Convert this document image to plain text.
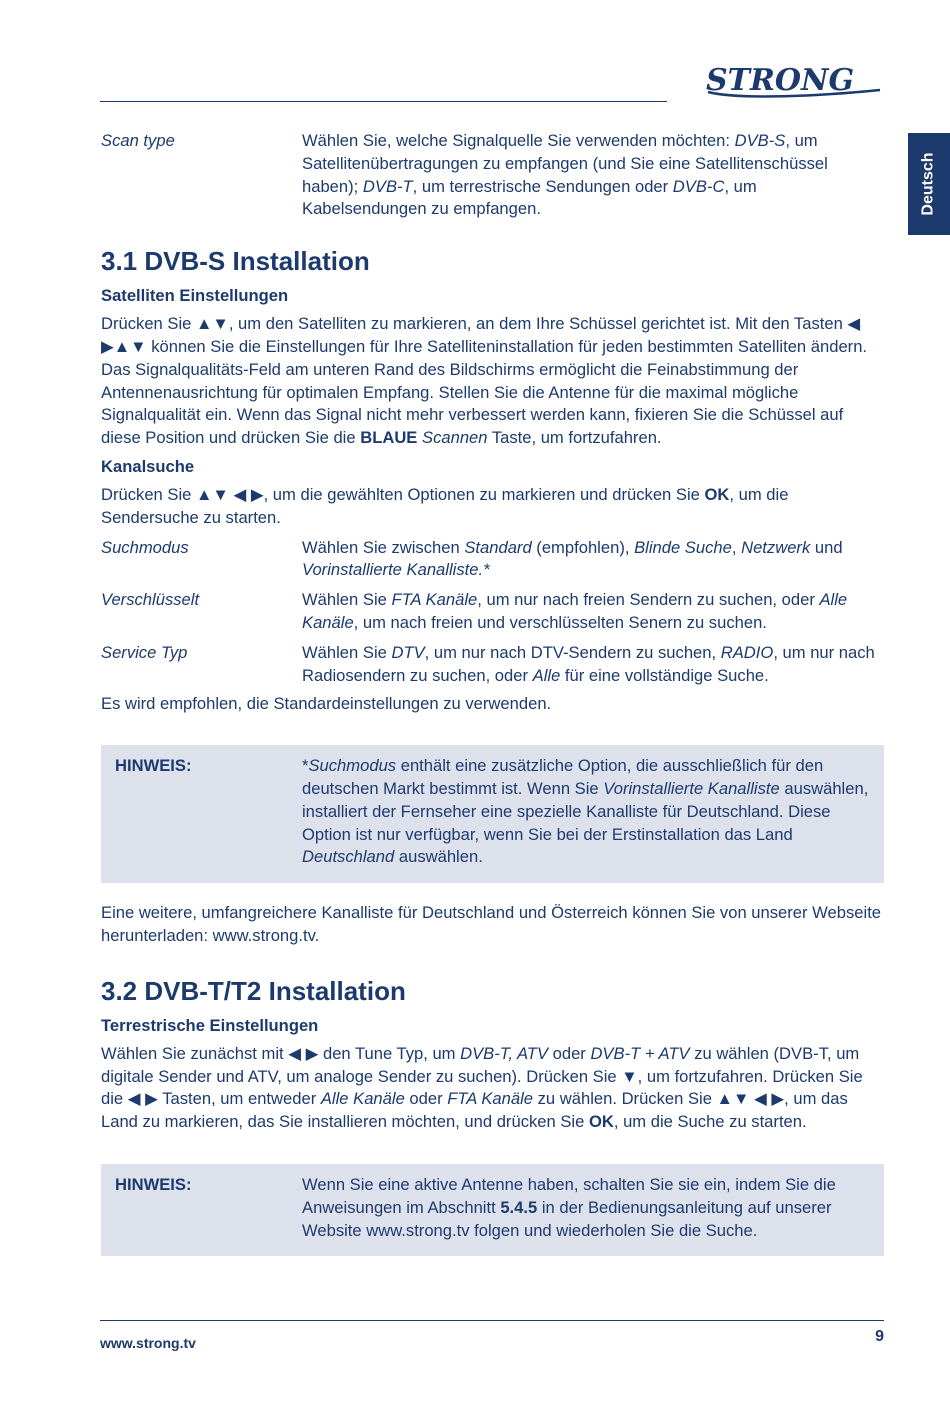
STRONG
Deutsch
Scan type	Wählen Sie, welche Signalquelle Sie verwenden möchten: DVB-S, um Satellitenübertragungen zu empfangen (und Sie eine Satellitenschüssel haben); DVB-T, um terrestrische Sendungen oder DVB-C, um Kabelsendungen zu empfangen.
3.1 DVB-S Installation
Satelliten Einstellungen

Drücken Sie ▲▼, um den Satelliten zu markieren, an dem Ihre Schüssel gerichtet ist. Mit den Tasten ◀ ▶▲▼ können Sie die Einstellungen für Ihre Satelliteninstallation für jeden bestimmten Satelliten ändern. Das Signalqualitäts-Feld am unteren Rand des Bildschirms ermöglicht die Feinabstimmung der Antennenausrichtung für optimalen Empfang. Stellen Sie die Antenne für die maximal mögliche Signalqualität ein. Wenn das Signal nicht mehr verbessert werden kann, fixieren Sie die Schüssel auf diese Position und drücken Sie die BLAUE Scannen Taste, um fortzufahren.

Kanalsuche

Drücken Sie ▲▼ ◀ ▶, um die gewählten Optionen zu markieren und drücken Sie OK, um die Sendersuche zu starten.

Suchmodus	Wählen Sie zwischen Standard (empfohlen), Blinde Suche, Netzwerk und Vorinstallierte Kanalliste.*
Verschlüsselt	Wählen Sie FTA Kanäle, um nur nach freien Sendern zu suchen, oder Alle Kanäle, um nach freien und verschlüsselten Senern zu suchen.
Service Typ	Wählen Sie DTV, um nur nach DTV-Sendern zu suchen, RADIO, um nur nach Radiosendern zu suchen, oder Alle für eine vollständige Suche.

Es wird empfohlen, die Standardeinstellungen zu verwenden.

HINWEIS:	*Suchmodus enthält eine zusätzliche Option, die ausschließlich für den deutschen Markt bestimmt ist. Wenn Sie Vorinstallierte Kanalliste auswählen, installiert der Fernseher eine spezielle Kanalliste für Deutschland. Diese Option ist nur verfügbar, wenn Sie bei der Erstinstallation das Land Deutschland auswählen.

Eine weitere, umfangreichere Kanalliste für Deutschland und Österreich können Sie von unserer Webseite herunterladen: www.strong.tv.

3.2 DVB-T/T2 Installation
Terrestrische Einstellungen

Wählen Sie zunächst mit ◀ ▶ den Tune Typ, um DVB-T, ATV oder DVB-T + ATV zu wählen (DVB-T, um digitale Sender und ATV, um analoge Sender zu suchen). Drücken Sie ▼, um fortzufahren. Drücken Sie die ◀ ▶ Tasten, um entweder Alle Kanäle oder FTA Kanäle zu wählen. Drücken Sie ▲▼ ◀ ▶, um das Land zu markieren, das Sie installieren möchten, und drücken Sie OK, um die Suche zu starten.

HINWEIS:	Wenn Sie eine aktive Antenne haben, schalten Sie sie ein, indem Sie die Anweisungen im Abschnitt 5.4.5 in der Bedienungsanleitung auf unserer Website www.strong.tv folgen und wiederholen Sie die Suche.
www.strong.tv	9
